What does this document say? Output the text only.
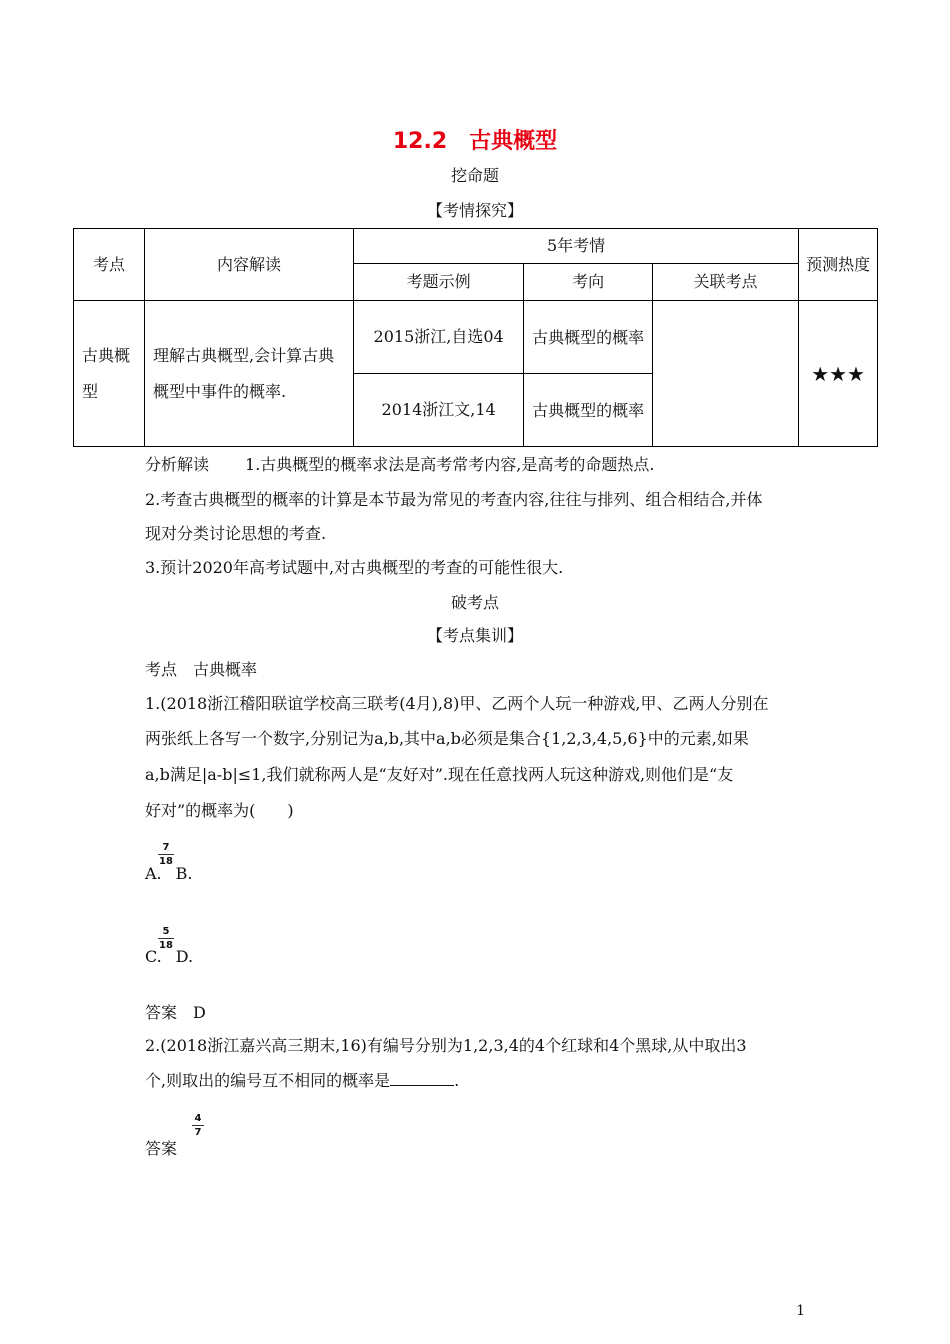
12.2　古典概型
挖命题
【考情探究】
考点	内容解读	5年考情			预测热度
		考题示例	考向	关联考点	
古典概型	理解古典概型,会计算古典概型中事件的概率.	2015浙江,自选04	古典概型的概率		★★★
		2014浙江文,14	古典概型的概率		
分析解读 1.古典概型的概率求法是高考常考内容,是高考的命题热点.
2.考查古典概型的概率的计算是本节最为常见的考查内容,往往与排列、组合相结合,并体
现对分类讨论思想的考查.
3.预计2020年高考试题中,对古典概型的考查的可能性很大.
破考点
【考点集训】
考点　古典概率
1.(2018浙江稽阳联谊学校高三联考(4月),8)甲、乙两个人玩一种游戏,甲、乙两人分别在
两张纸上各写一个数字,分别记为a,b,其中a,b必须是集合{1,2,3,4,5,6}中的元素,如果
a,b满足|a-b|≤1,我们就称两人是“友好对”.现在任意找两人玩这种游戏,则他们是“友
好对”的概率为(　　)
7
18
A. B.
5
18
C. D.
答案　D
2.(2018浙江嘉兴高三期末,16)有编号分别为1,2,3,4的4个红球和4个黑球,从中取出3
个,则取出的编号互不相同的概率是	.
答案
4
7
1
